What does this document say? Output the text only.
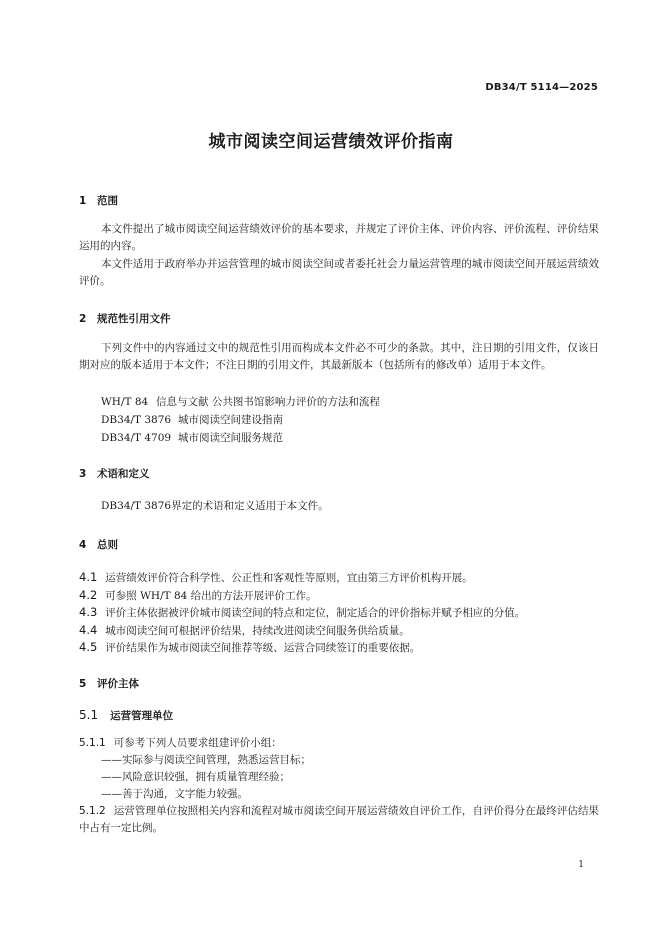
DB34/T 5114—2025
城市阅读空间运营绩效评价指南
1 范围
本文件提出了城市阅读空间运营绩效评价的基本要求，并规定了评价主体、评价内容、评价流程、评价结果运用的内容。
本文件适用于政府举办并运营管理的城市阅读空间或者委托社会力量运营管理的城市阅读空间开展运营绩效评价。
2 规范性引用文件
下列文件中的内容通过文中的规范性引用而构成本文件必不可少的条款。其中，注日期的引用文件，仅该日期对应的版本适用于本文件；不注日期的引用文件，其最新版本（包括所有的修改单）适用于本文件。
WH/T 84 信息与文献 公共图书馆影响力评价的方法和流程
DB34/T 3876 城市阅读空间建设指南
DB34/T 4709 城市阅读空间服务规范
3 术语和定义
DB34/T 3876界定的术语和定义适用于本文件。
4 总则
4.1 运营绩效评价符合科学性、公正性和客观性等原则，宜由第三方评价机构开展。
4.2 可参照 WH/T 84 给出的方法开展评价工作。
4.3 评价主体依据被评价城市阅读空间的特点和定位，制定适合的评价指标并赋予相应的分值。
4.4 城市阅读空间可根据评价结果，持续改进阅读空间服务供给质量。
4.5 评价结果作为城市阅读空间推荐等级、运营合同续签订的重要依据。
5 评价主体
5.1 运营管理单位
5.1.1 可参考下列人员要求组建评价小组：
——实际参与阅读空间管理，熟悉运营目标；
——风险意识较强，拥有质量管理经验；
——善于沟通，文字能力较强。
5.1.2 运营管理单位按照相关内容和流程对城市阅读空间开展运营绩效自评价工作，自评价得分在最终评估结果中占有一定比例。
1
